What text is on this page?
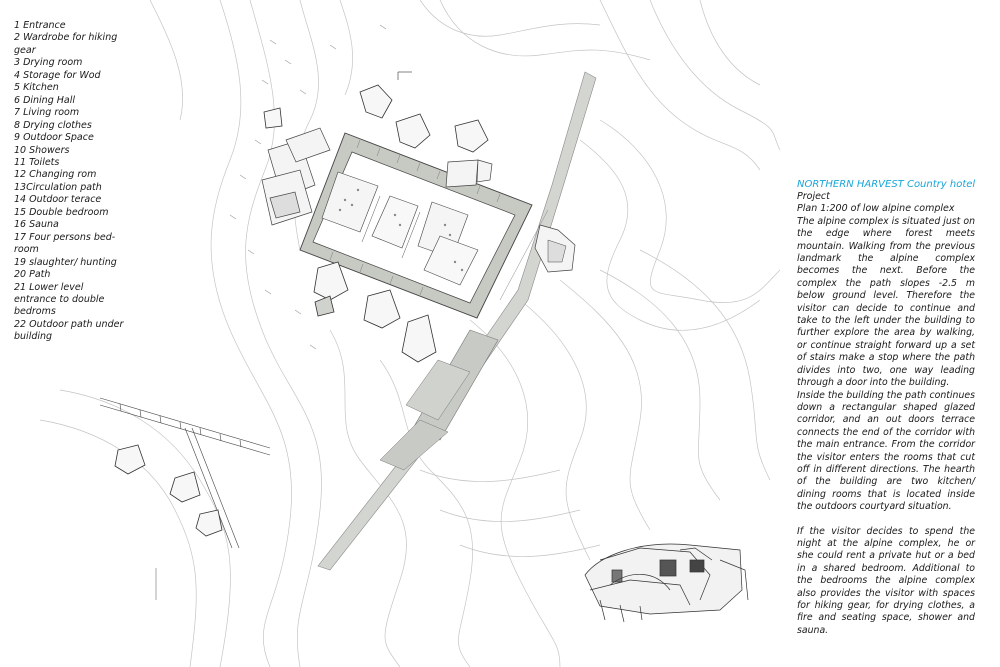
1 Entrance
2 Wardrobe for hiking gear
3 Drying room
4 Storage for Wod
5 Kitchen
6 Dining Hall
7 Living room
8 Drying clothes
9 Outdoor Space
10 Showers
11 Toilets
12 Changing rom
13Circulation path
14 Outdoor terace
15 Double bedroom
16 Sauna
17 Four persons bed-room
19 slaughter/ hunting
20 Path
21 Lower level entrance to double bedroms
22 Outdoor path under building
NORTHERN HARVEST Country hotel
Project
Plan 1:200 of low alpine complex

The alpine complex is situated just on the edge where forest meets mountain. Walking from the previous landmark the alpine complex becomes the next. Before the complex the path slopes -2.5 m below ground level. Therefore the visitor can decide to continue and take to the left under the building to further explore the area by walking, or continue straight forward up a set of stairs make a stop where the path divides into two, one way leading through a door into the building.

Inside the building the path continues down a rectangular shaped glazed corridor, and an out doors terrace connects the end of the corridor with the main entrance. From the corridor the visitor enters the rooms that cut off in different directions. The hearth of the building are two kitchen/ dining rooms that is located inside the outdoors courtyard situation.

If the visitor decides to spend the night at the alpine complex, he or she could rent a private hut or a bed in a shared bedroom. Additional to the bedrooms the alpine complex also provides the visitor with spaces for hiking gear, for drying clothes, a fire and seating space, shower and sauna.
